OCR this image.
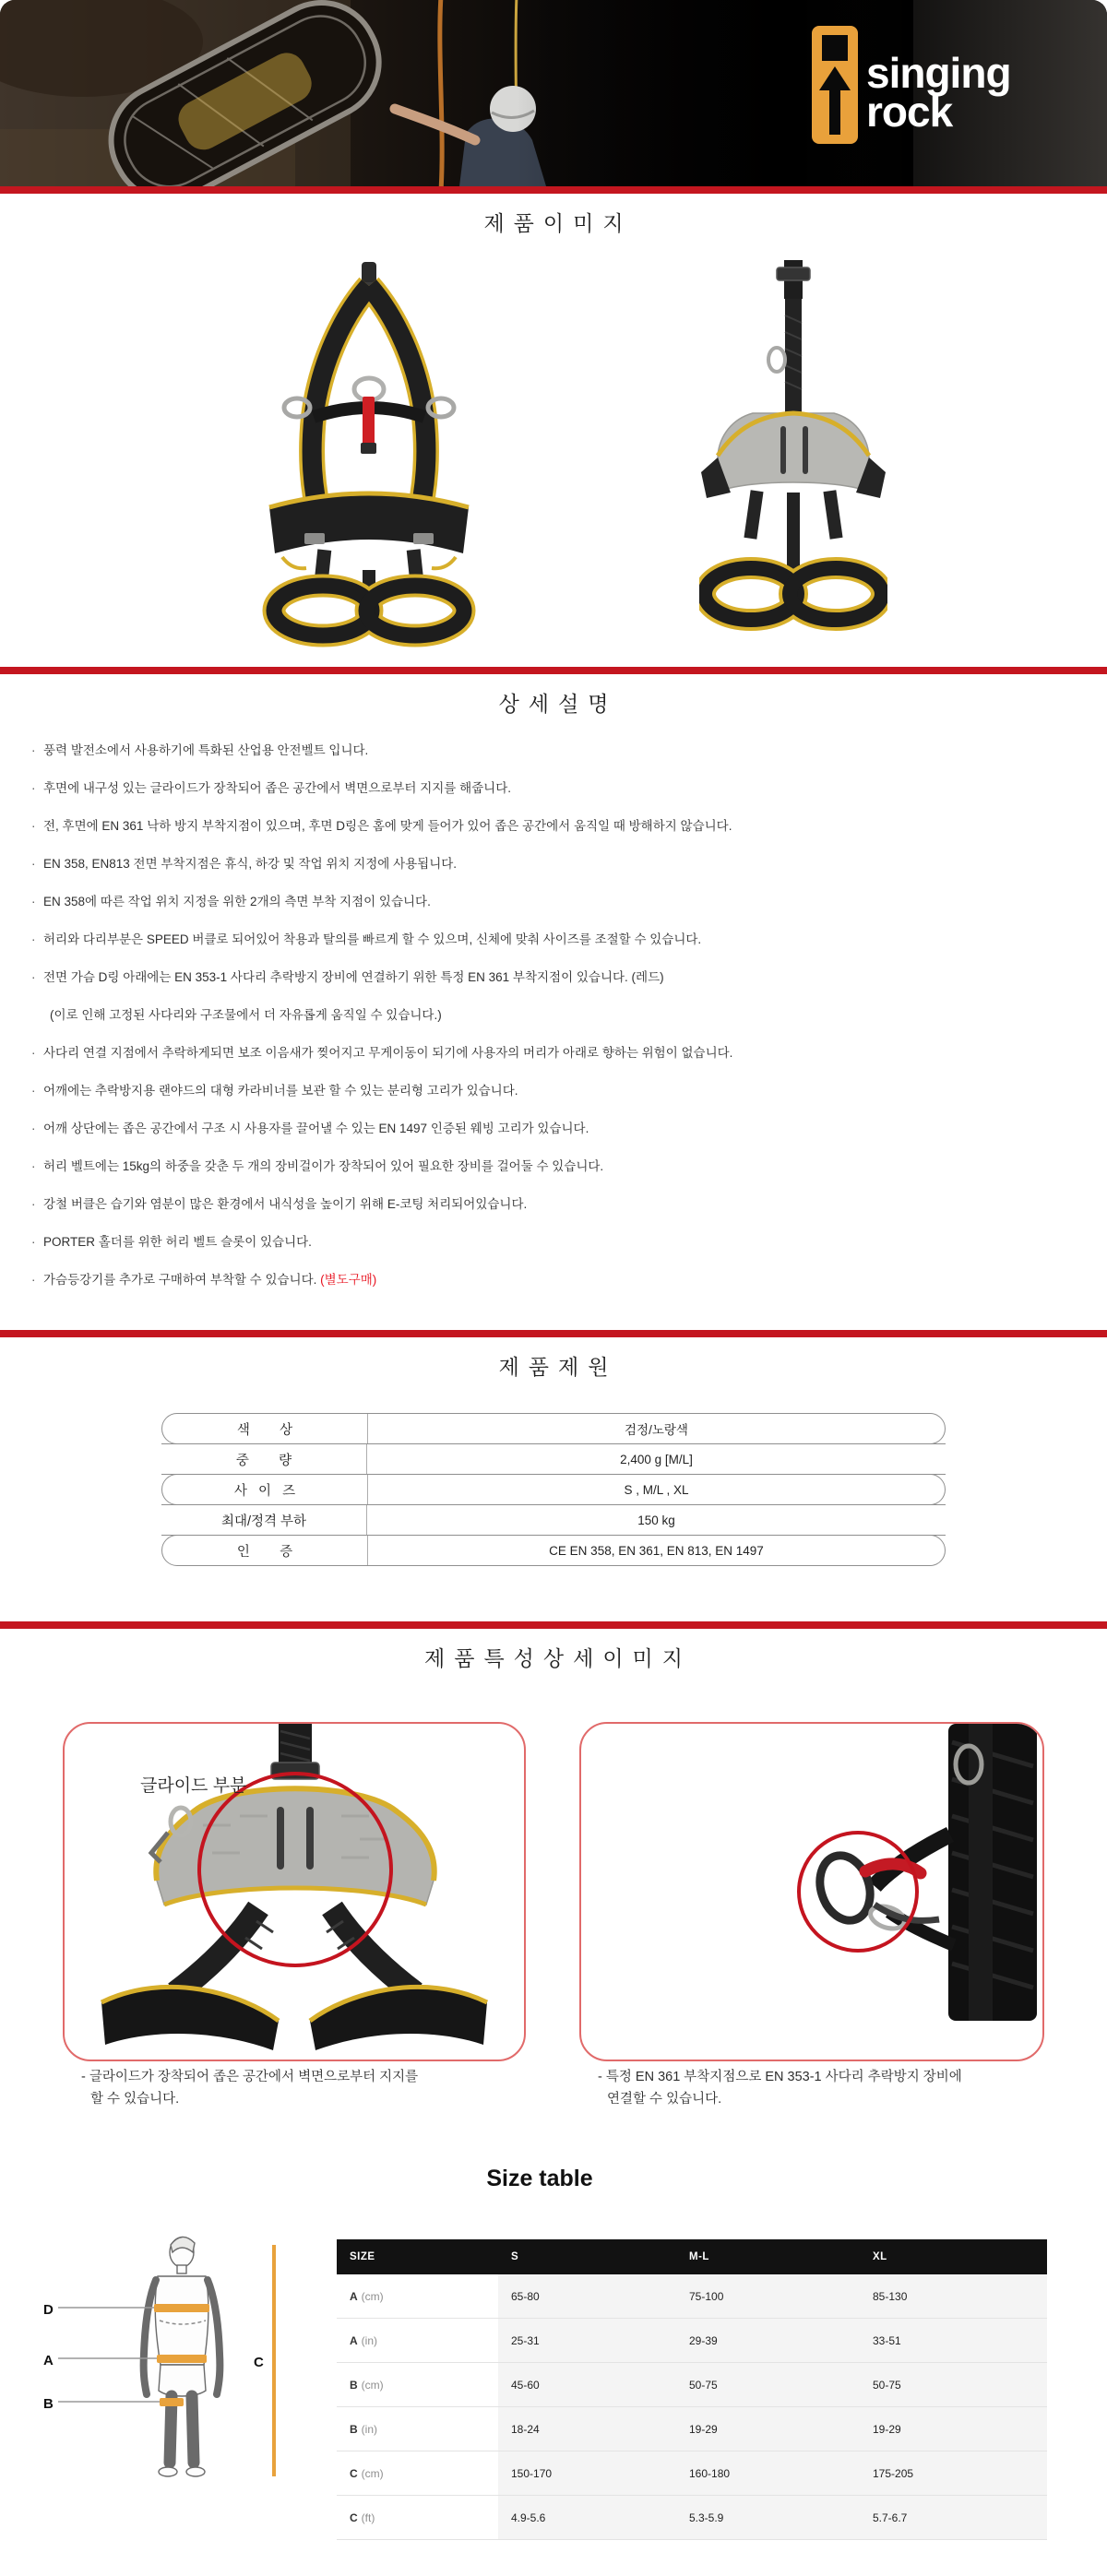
singing
rock
제품이미지
상세설명
· 풍력 발전소에서 사용하기에 특화된 산업용 안전벨트 입니다.
· 후면에 내구성 있는 글라이드가 장착되어 좁은 공간에서 벽면으로부터 지지를 해줍니다.
· 전, 후면에 EN 361 낙하 방지 부착지점이 있으며, 후면 D링은 홈에 맞게 들어가 있어 좁은 공간에서 움직일 때 방해하지 않습니다.
· EN 358, EN813 전면 부착지점은 휴식, 하강 및 작업 위치 지정에 사용됩니다.
· EN 358에 따른 작업 위치 지정을 위한 2개의 측면 부착 지점이 있습니다.
· 허리와 다리부분은 SPEED 버클로 되어있어 착용과 탈의를 빠르게 할 수 있으며, 신체에 맞춰 사이즈를 조절할 수 있습니다.
· 전면 가슴 D링 아래에는 EN 353-1 사다리 추락방지 장비에 연결하기 위한 특정 EN 361 부착지점이 있습니다. (레드)
(이로 인해 고정된 사다리와 구조물에서 더 자유롭게 움직일 수 있습니다.)
· 사다리 연결 지점에서 추락하게되면 보조 이음새가 찢어지고 무게이동이 되기에 사용자의 머리가 아래로 향하는 위험이 없습니다.
· 어깨에는 추락방지용 랜야드의 대형 카라비너를 보관 할 수 있는 분리형 고리가 있습니다.
· 어깨 상단에는 좁은 공간에서 구조 시 사용자를 끌어낼 수 있는 EN 1497 인증된 웨빙 고리가 있습니다.
· 허리 벨트에는 15kg의 하중을 갖춘 두 개의 장비걸이가 장착되어 있어 필요한 장비를 걸어둘 수 있습니다.
· 강철 버클은 습기와 염분이 많은 환경에서 내식성을 높이기 위해 E-코팅 처리되어있습니다.
· PORTER 홀더를 위한 허리 벨트 슬롯이 있습니다.
· 가슴등강기를 추가로 구매하여 부착할 수 있습니다. (별도구매)
제품제원
색        상	검정/노랑색
중        량	2,400 g [M/L]
사   이   즈	S , M/L , XL
최대/정격 부하	150 kg
인        증	CE EN 358, EN 361, EN 813, EN 1497
제품특성상세이미지
글라이드 부분
- 글라이드가 장착되어 좁은 공간에서 벽면으로부터 지지를
할 수 있습니다.
- 특정 EN 361 부착지점으로 EN 353-1 사다리 추락방지 장비에
연결할 수 있습니다.
Size table
D
A
B
C
SIZE	S	M-L	XL
A (cm)	65-80	75-100	85-130
A (in)	25-31	29-39	33-51
B (cm)	45-60	50-75	50-75
B (in)	18-24	19-29	19-29
C (cm)	150-170	160-180	175-205
C (ft)	4.9-5.6	5.3-5.9	5.7-6.7
